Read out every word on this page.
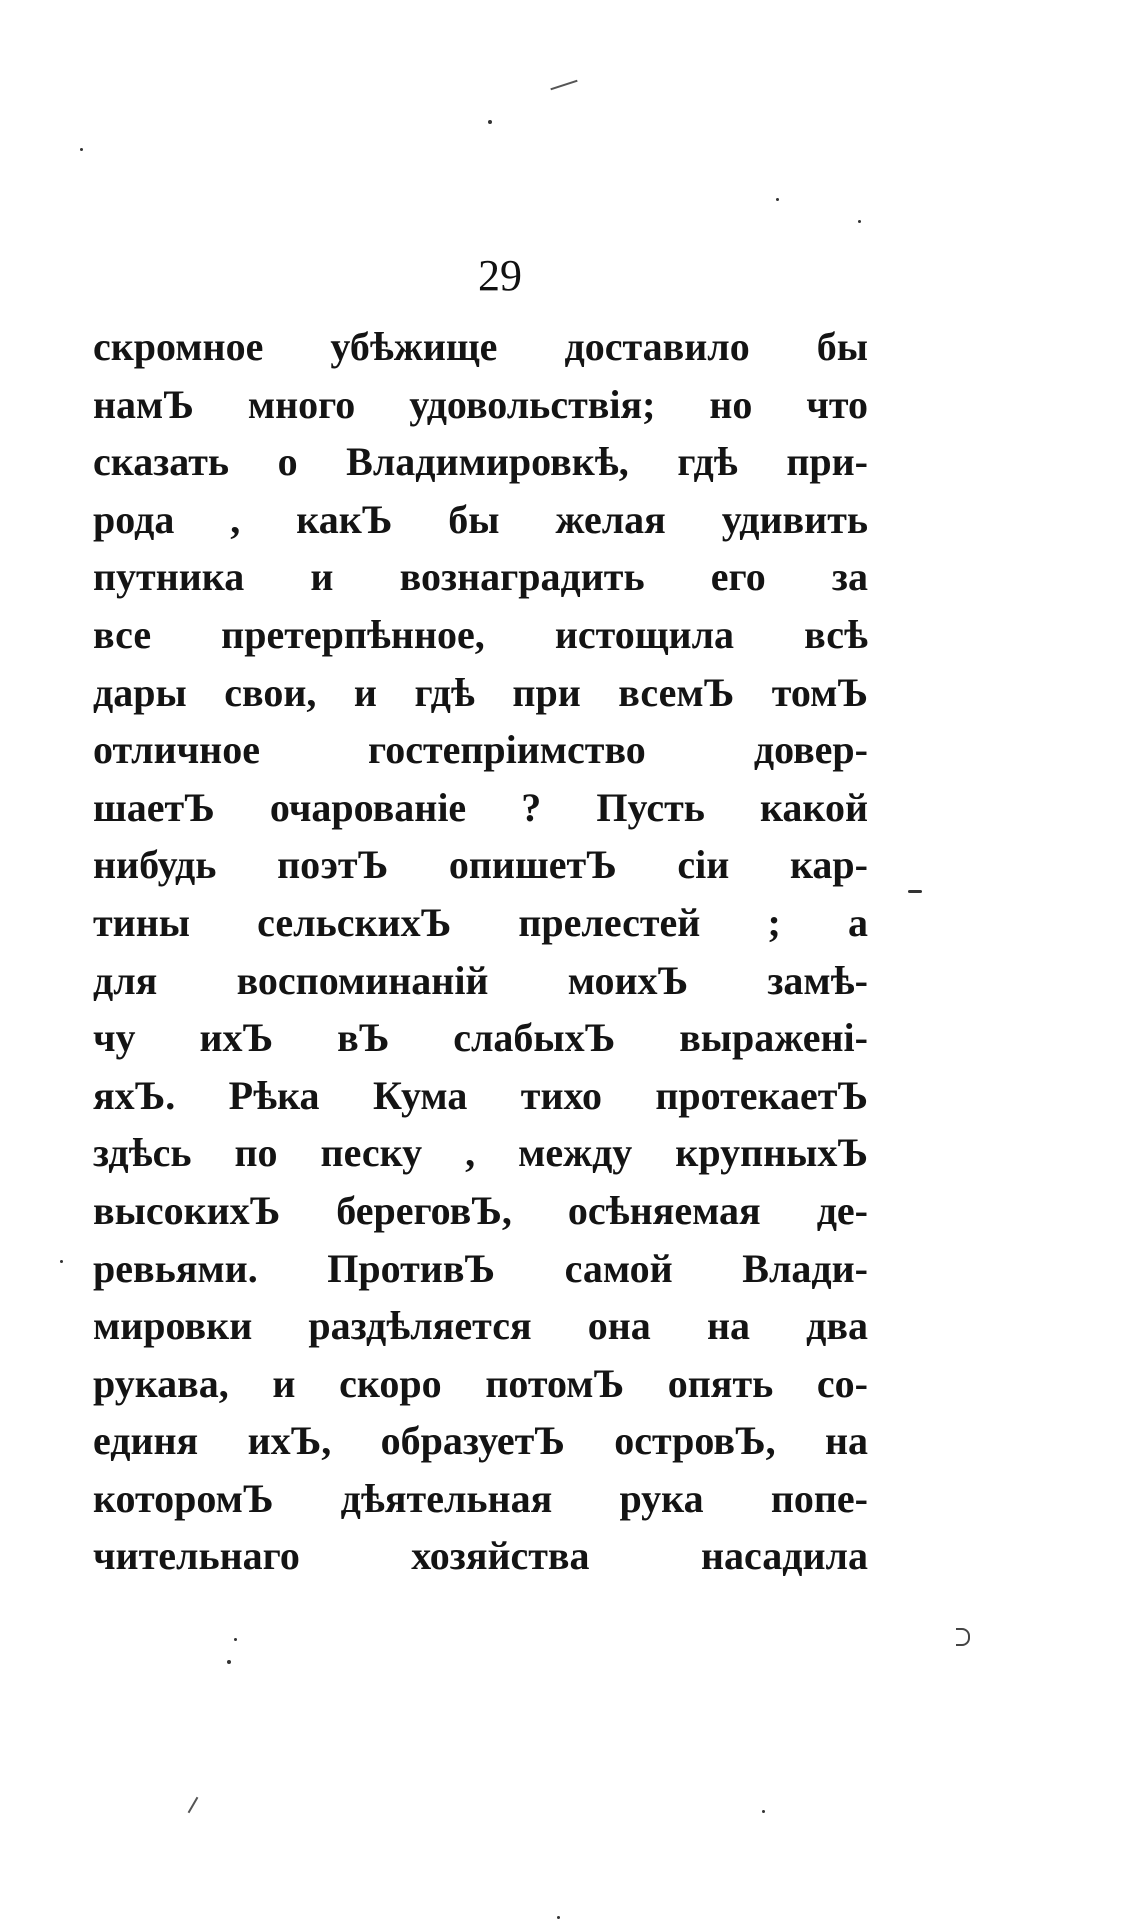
29
скромное убѣжище доставило бы
намЪ много удовольствія; но что
сказать о Владимировкѣ, гдѣ при-
рода , какЪ бы желая удивить
путника и вознаградить его за
все претерпѣнное, истощила всѣ
дары свои, и гдѣ при всемЪ томЪ
отличное гостепріимство довер-
шаетЪ очарованіе ? Пусть какой
нибудь поэтЪ опишетЪ сіи кар-
тины сельскихЪ прелестей ; а
для воспоминаній моихЪ замѣ-
чу ихЪ вЪ слабыхЪ выражені-
яхЪ. Рѣка Кума тихо протекаетЪ
здѣсь по песку , между крупныхЪ
высокихЪ береговЪ, осѣняемая де-
ревьями. ПротивЪ самой Влади-
мировки раздѣляется она на два
рукава, и скоро потомЪ опять со-
единя ихЪ, образуетЪ островЪ, на
которомЪ дѣятельная рука попе-
чительнаго хозяйства насадила
